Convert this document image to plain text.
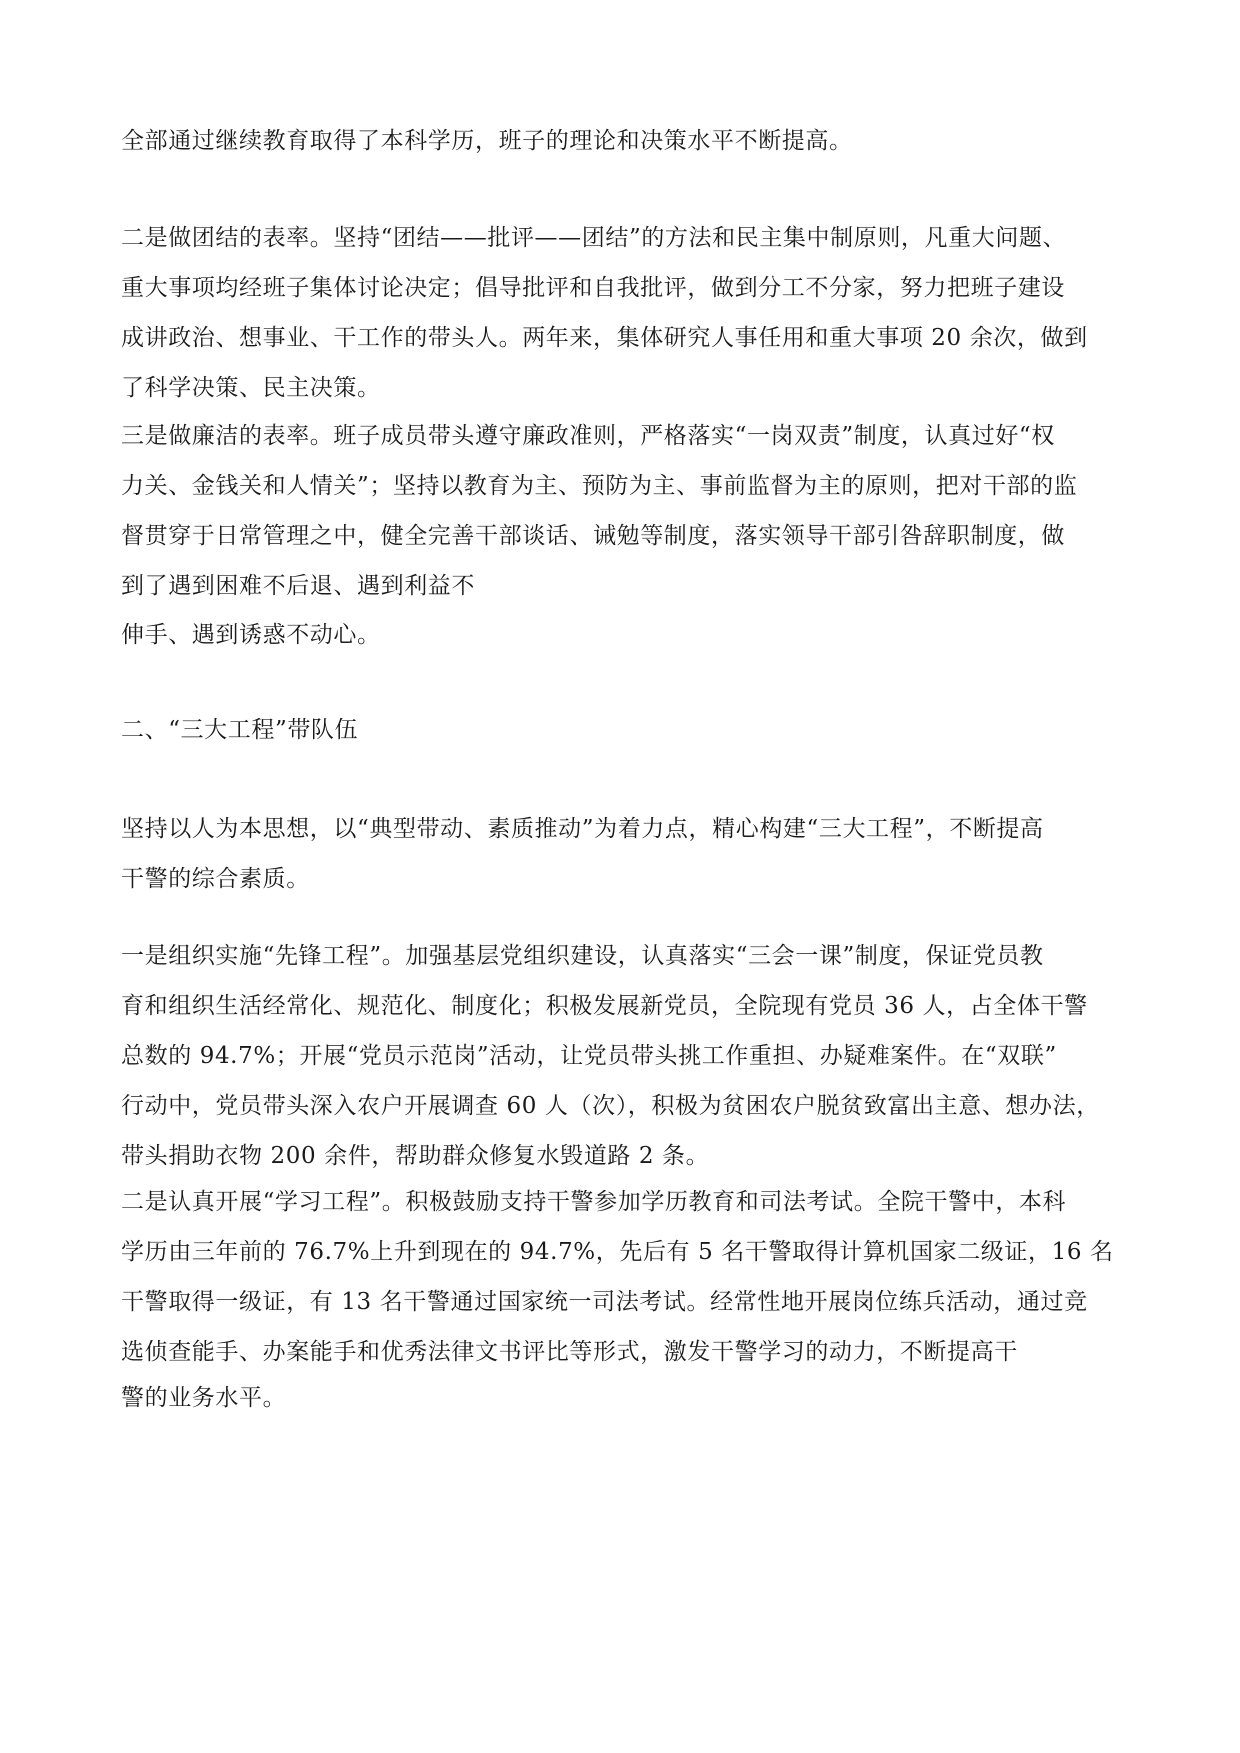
全部通过继续教育取得了本科学历，班子的理论和决策水平不断提高。

二是做团结的表率。坚持“团结——批评——团结”的方法和民主集中制原则，凡重大问题、
重大事项均经班子集体讨论决定；倡导批评和自我批评，做到分工不分家，努力把班子建设
成讲政治、想事业、干工作的带头人。两年来，集体研究人事任用和重大事项 20 余次，做到
了科学决策、民主决策。

三是做廉洁的表率。班子成员带头遵守廉政准则，严格落实“一岗双责”制度，认真过好“权
力关、金钱关和人情关”；坚持以教育为主、预防为主、事前监督为主的原则，把对干部的监
督贯穿于日常管理之中，健全完善干部谈话、诫勉等制度，落实领导干部引咎辞职制度，做
到了遇到困难不后退、遇到利益不

伸手、遇到诱惑不动心。

二、“三大工程”带队伍

坚持以人为本思想，以“典型带动、素质推动”为着力点，精心构建“三大工程”，不断提高
干警的综合素质。

一是组织实施“先锋工程”。加强基层党组织建设，认真落实“三会一课”制度，保证党员教
育和组织生活经常化、规范化、制度化；积极发展新党员，全院现有党员 36 人，占全体干警
总数的 94.7%；开展“党员示范岗”活动，让党员带头挑工作重担、办疑难案件。在“双联”
行动中，党员带头深入农户开展调查 60 人（次），积极为贫困农户脱贫致富出主意、想办法，
带头捐助衣物 200 余件，帮助群众修复水毁道路 2 条。

二是认真开展“学习工程”。积极鼓励支持干警参加学历教育和司法考试。全院干警中，本科
学历由三年前的 76.7%上升到现在的 94.7%，先后有 5 名干警取得计算机国家二级证，16 名
干警取得一级证，有 13 名干警通过国家统一司法考试。经常性地开展岗位练兵活动，通过竞
选侦查能手、办案能手和优秀法律文书评比等形式，激发干警学习的动力，不断提高干

警的业务水平。
